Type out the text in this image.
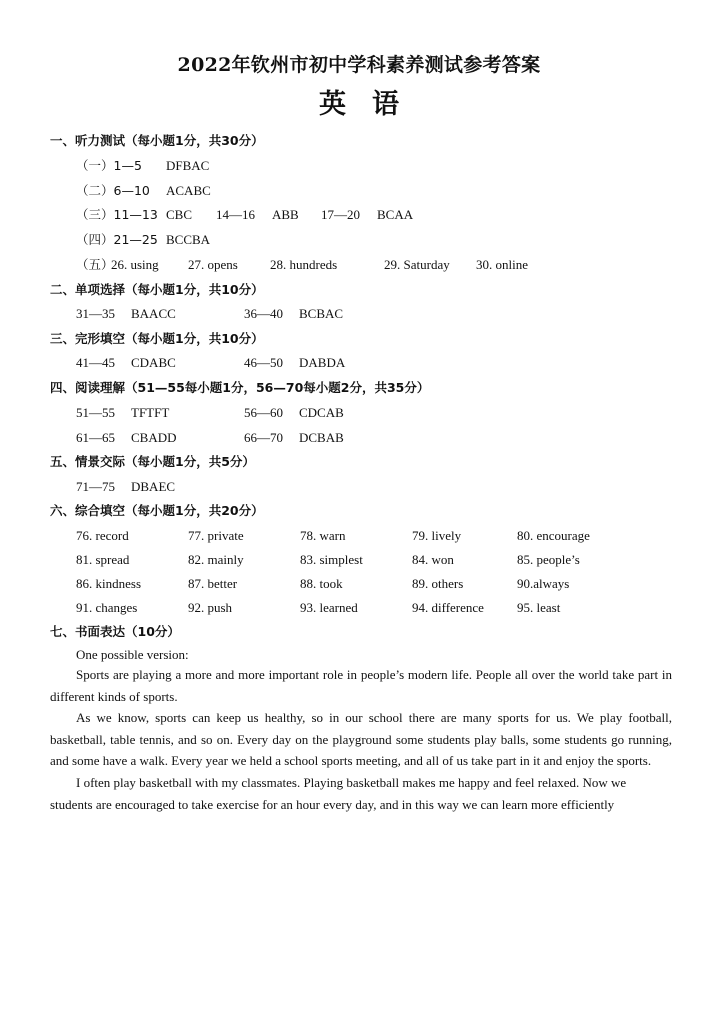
2022年钦州市初中学科素养测试参考答案
英语
一、听力测试（每小题1分，共30分）
（一）1—5 DFBAC
（二）6—10 ACABC
（三）11—13 CBC 14—16 ABB 17—20 BCAA
（四）21—25 BCCBA
（五）
26. using 27. opens 28. hundreds	29. Saturday 30. online
二、单项选择（每小题1分，共10分）
31—35 BAACC	36—40 BCBAC
三、完形填空（每小题1分，共10分）
41—45 CDABC	46—50 DABDA
四、阅读理解（51—55每小题1分，56—70每小题2分，共35分）
51—55 TFTFT	56—60 CDCAB
61—65 CBADD	66—70 DCBAB
五、情景交际（每小题1分，共5分）
71—75 DBAEC
六、综合填空（每小题1分，共20分）
76. record	77. private	78. warn	79. lively	80. encourage
81. spread	82. mainly	83. simplest	84. won	85. people’s
86. kindness	87. better	88. took	89. others	90.always
91. changes	92. push	93. learned	94. difference	95. least
七、书面表达（10分）
One possible version:

Sports are playing a more and more important role in people’s modern life. People all over the world take part in different kinds of sports.

As we know, sports can keep us healthy, so in our school there are many sports for us. We play football, basketball, table tennis, and so on. Every day on the playground some students play balls, some students go running, and some have a walk. Every year we held a school sports meeting, and all of us take part in it and enjoy the sports.

I often play basketball with my classmates. Playing basketball makes me happy and feel relaxed. Now we students are encouraged to take exercise for an hour every day, and in this way we can learn more efficiently
